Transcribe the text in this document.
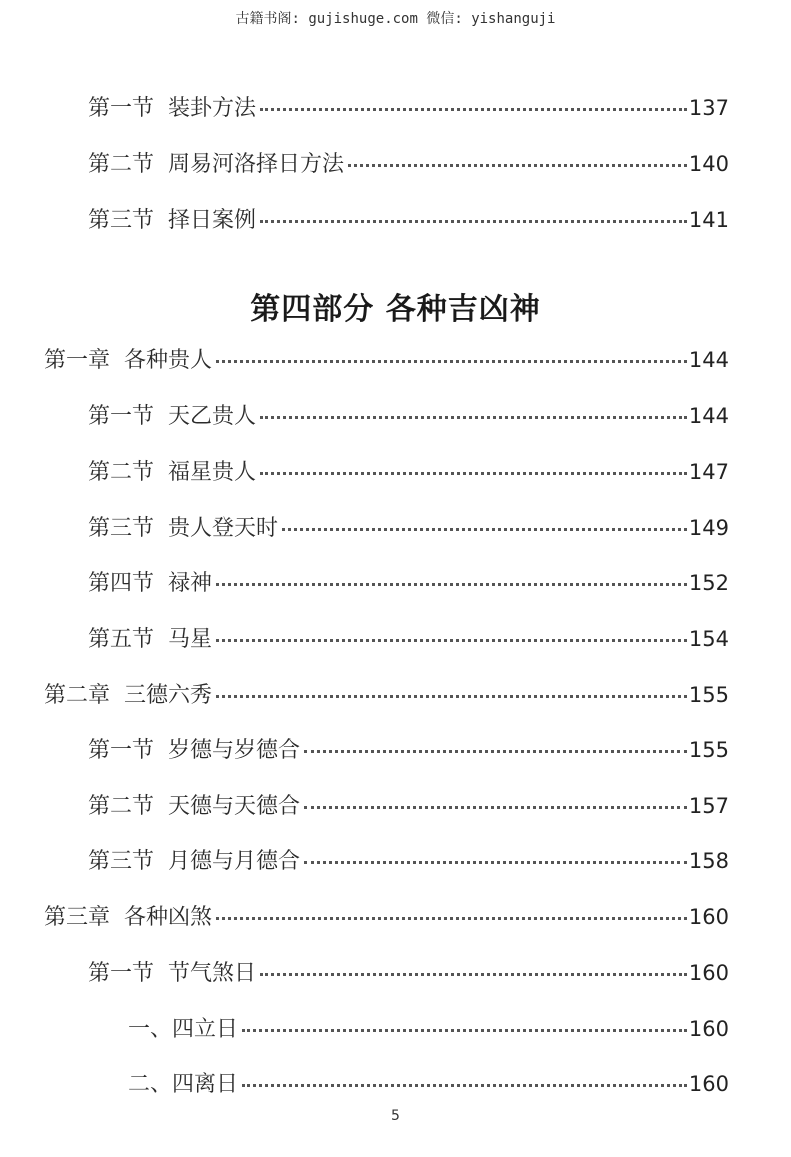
古籍书阁: gujishuge.com 微信: yishanguji
第一节 装卦方法	137
第二节 周易河洛择日方法	140
第三节 择日案例	141
第四部分 各种吉凶神
第一章 各种贵人	144
第一节 天乙贵人	144
第二节 福星贵人	147
第三节 贵人登天时	149
第四节 禄神	152
第五节 马星	154
第二章 三德六秀	155
第一节 岁德与岁德合	155
第二节 天德与天德合	157
第三节 月德与月德合	158
第三章 各种凶煞	160
第一节 节气煞日	160
一、四立日	160
二、四离日	160
5
